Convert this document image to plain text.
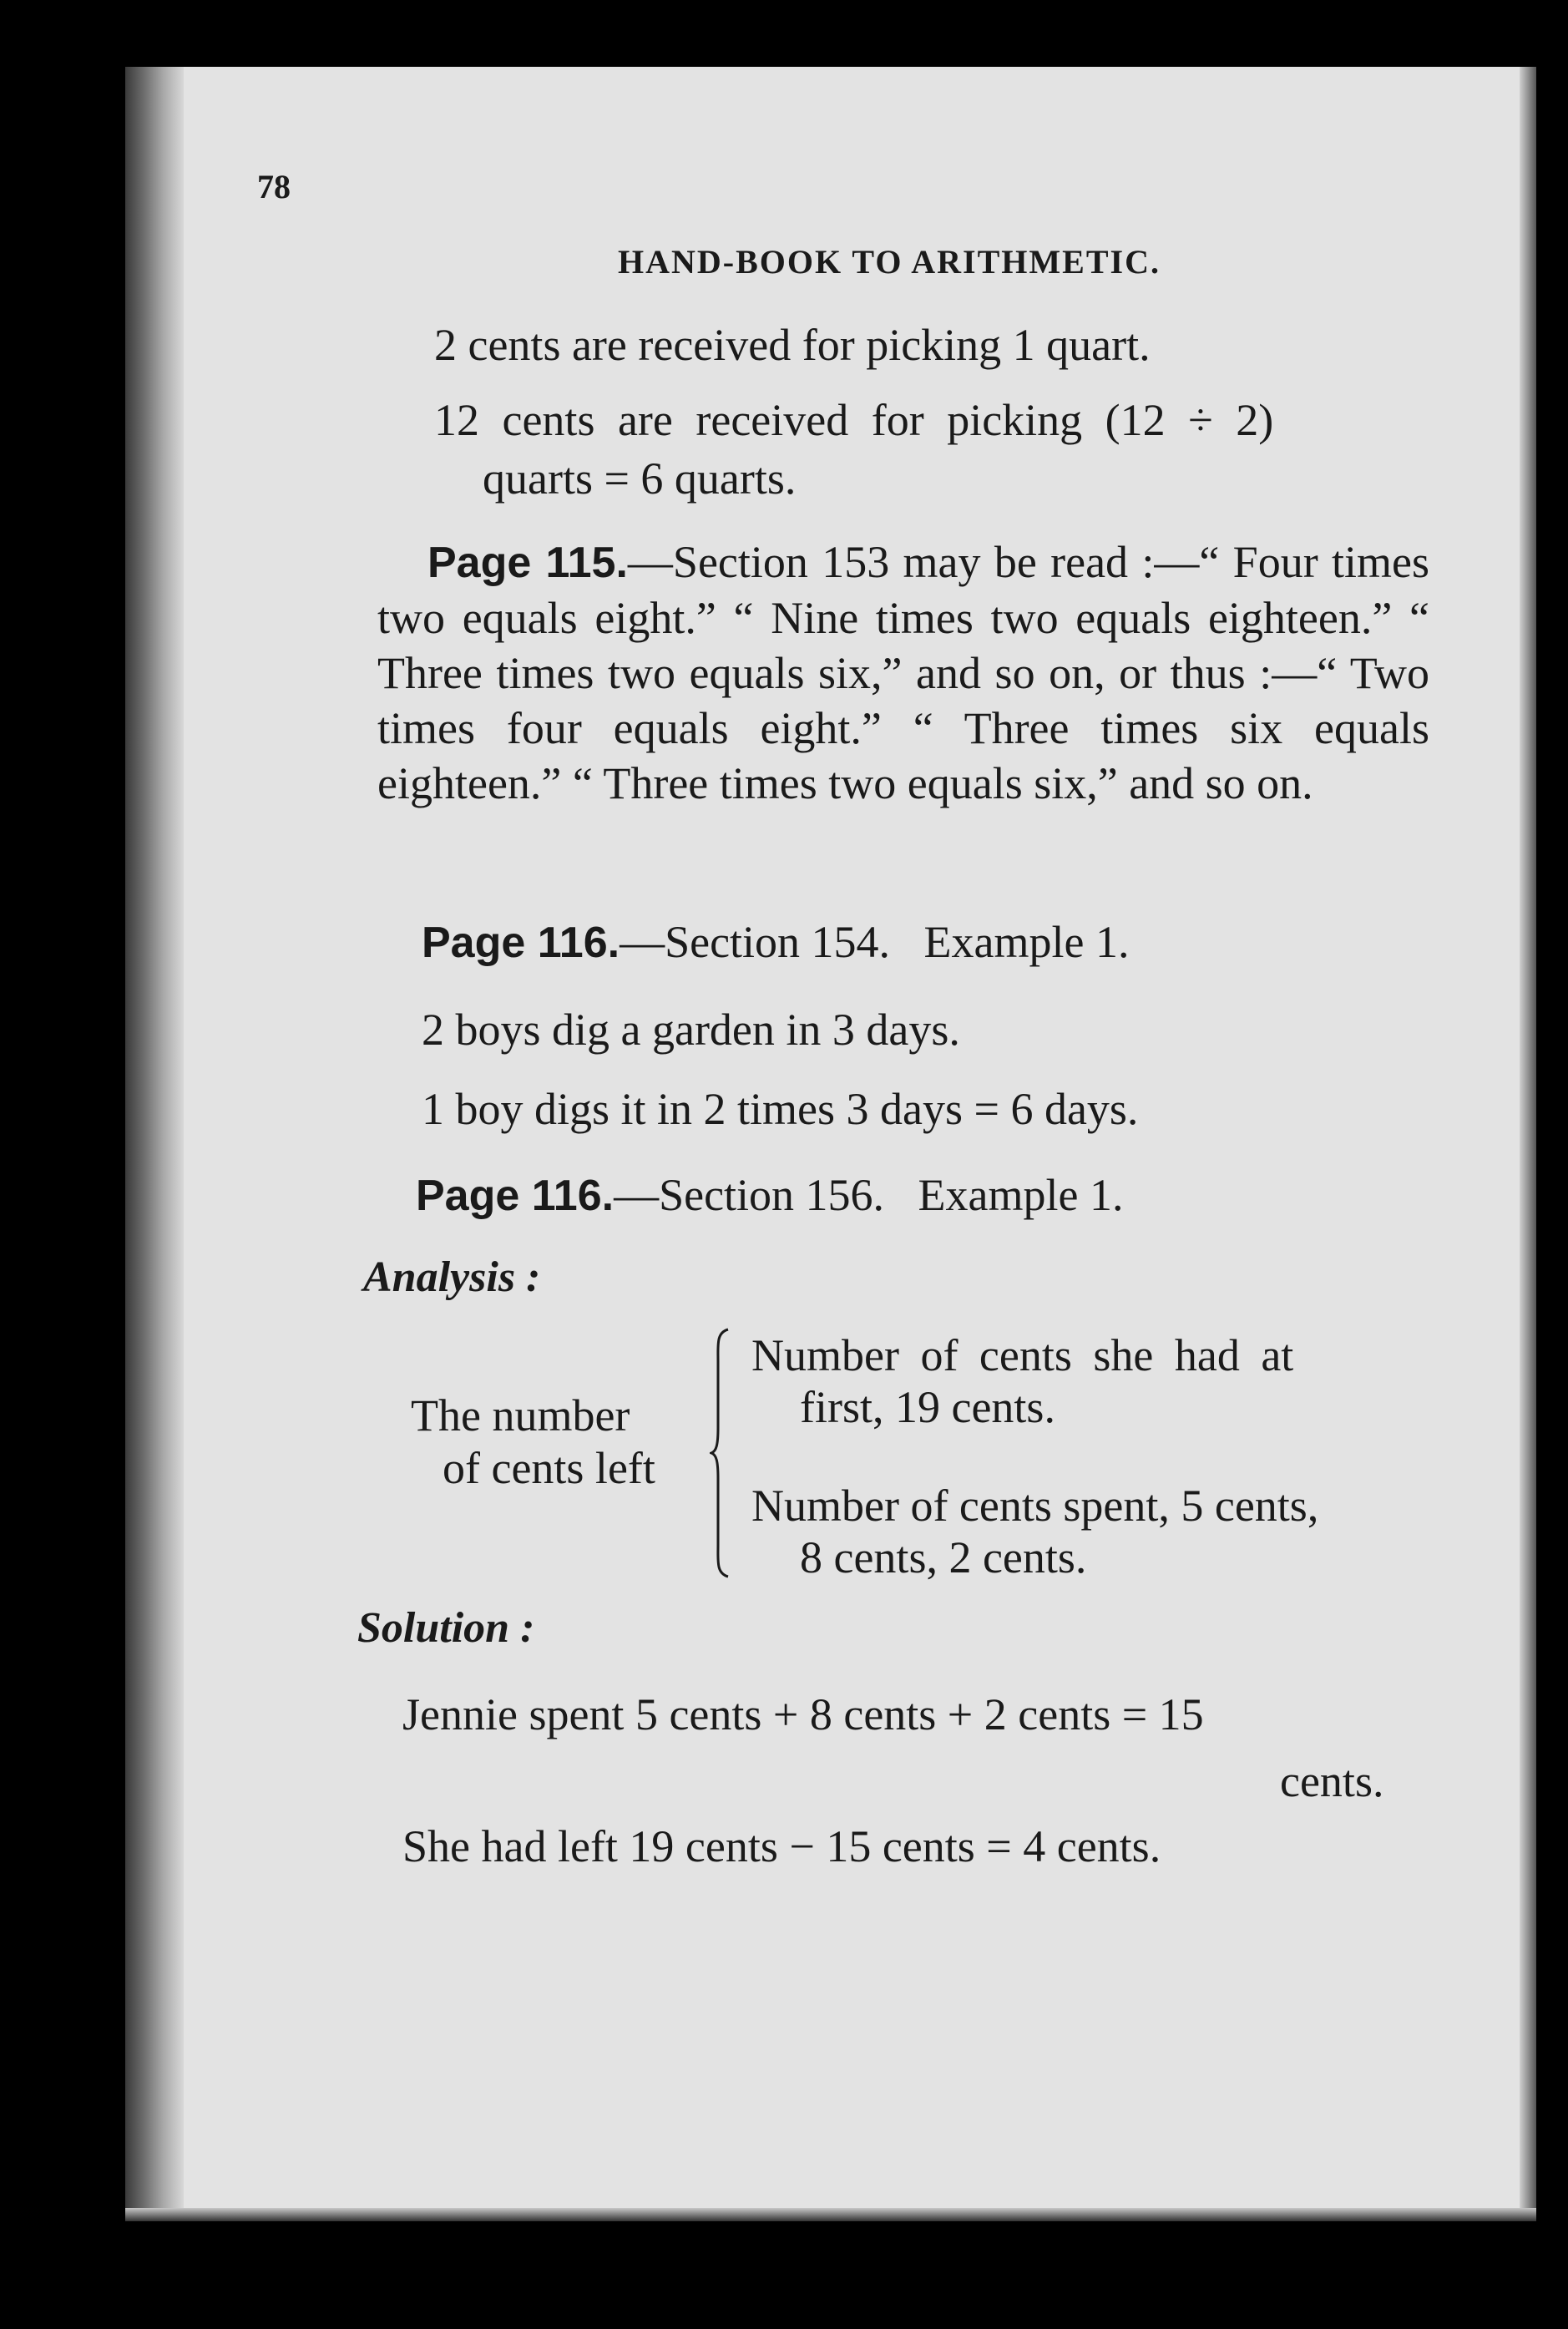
78
HAND-BOOK TO ARITHMETIC.
2 cents are received for picking 1 quart.
12 cents are received for picking (12 ÷ 2)
quarts = 6 quarts.
Page 115.—Section 153 may be read :—“ Four times two equals eight.” “ Nine times two equals eighteen.” “ Three times two equals six,” and so on, or thus :—“ Two times four equals eight.” “ Three times six equals eighteen.” “ Three times two equals six,” and so on.
Page 116.—Section 154.   Example 1.
2 boys dig a garden in 3 days.
1 boy digs it in 2 times 3 days = 6 days.
Page 116.—Section 156.   Example 1.
Analysis :
The number
of cents left
Number of cents she had at
first, 19 cents.
Number of cents spent, 5 cents,
8 cents, 2 cents.
Solution :
Jennie spent 5 cents + 8 cents + 2 cents = 15
cents.
She had left 19 cents − 15 cents = 4 cents.
